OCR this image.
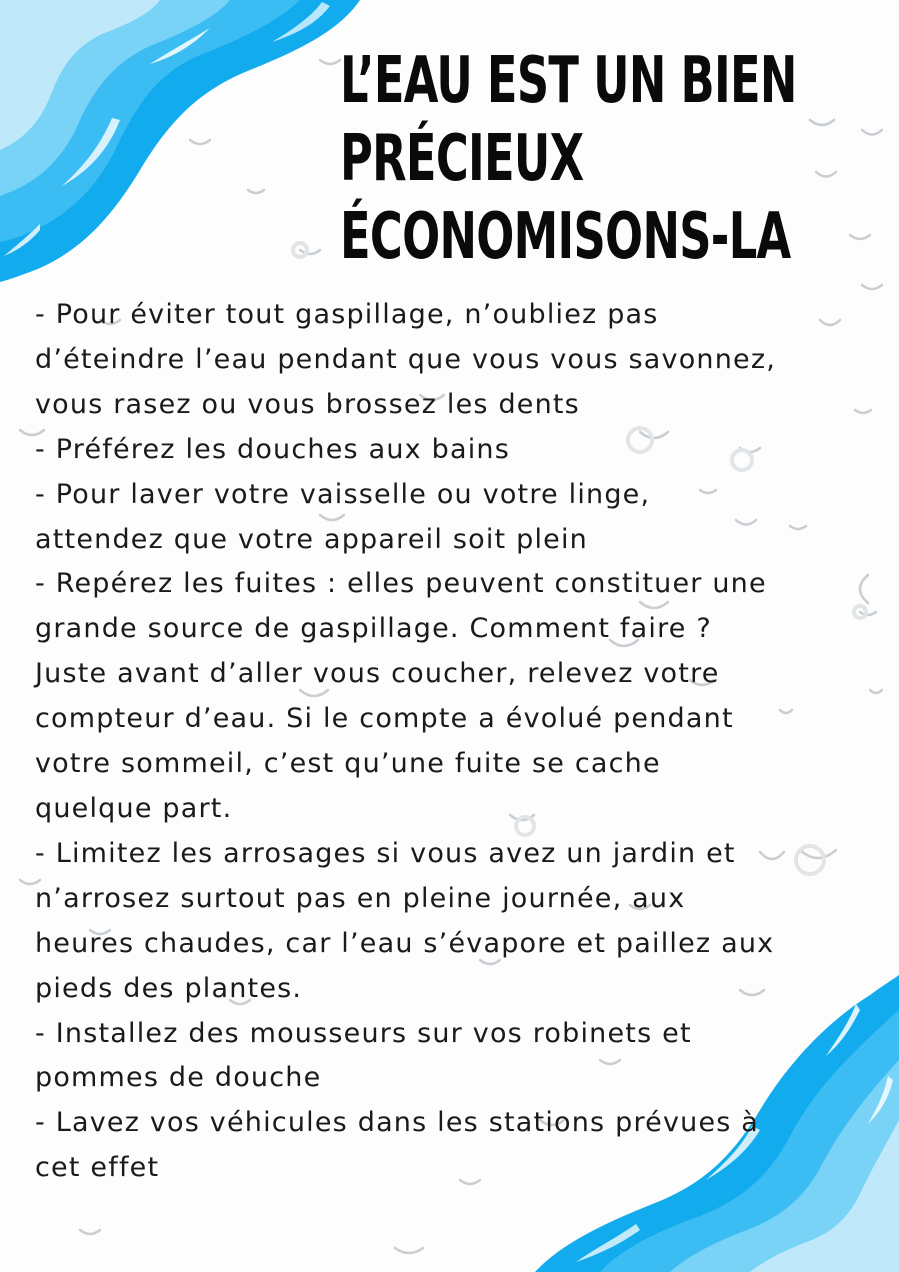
L’EAU EST UN BIEN
PRÉCIEUX
ÉCONOMISONS-LA
- Pour éviter tout gaspillage, n’oubliez pas d’éteindre l’eau pendant que vous vous savonnez, vous rasez ou vous brossez les dents
- Préférez les douches aux bains
- Pour laver votre vaisselle ou votre linge, attendez que votre appareil soit plein
- Repérez les fuites : elles peuvent constituer une grande source de gaspillage. Comment faire ? Juste avant d’aller vous coucher, relevez votre compteur d’eau. Si le compte a évolué pendant votre sommeil, c’est qu’une fuite se cache quelque part.
- Limitez les arrosages si vous avez un jardin et n’arrosez surtout pas en pleine journée, aux heures chaudes, car l’eau s’évapore et paillez aux pieds des plantes.
- Installez des mousseurs sur vos robinets et pommes de douche
- Lavez vos véhicules dans les stations prévues à cet effet
